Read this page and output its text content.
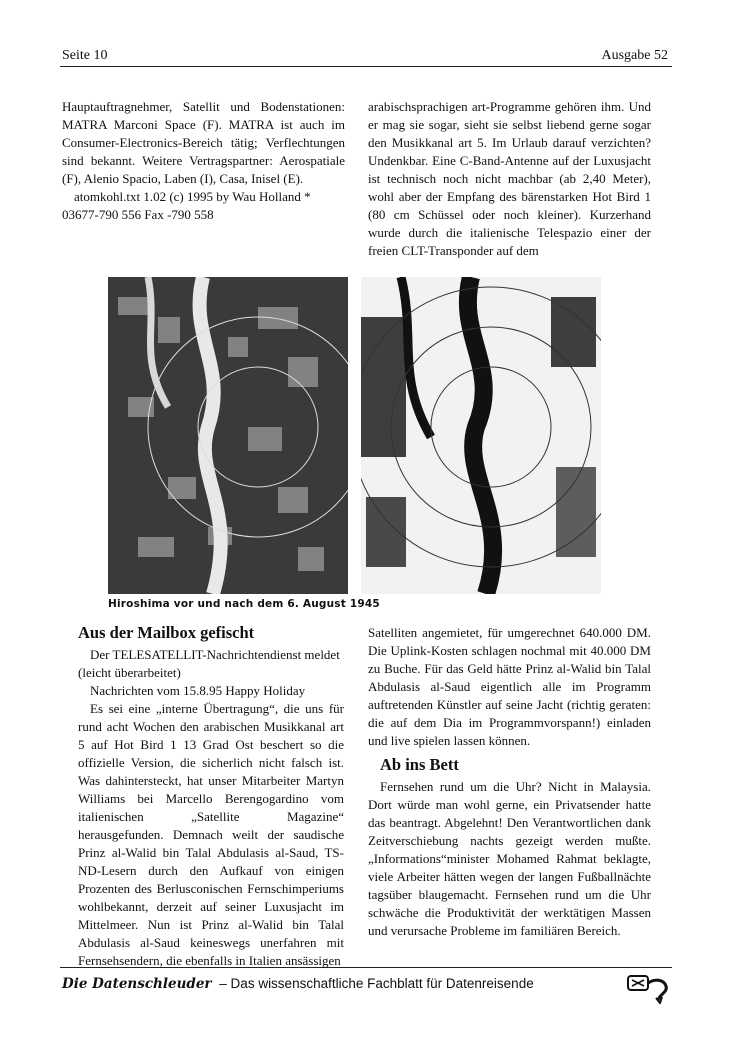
Seite 10	Ausgabe 52

Hauptauftragnehmer, Satellit und Bodenstationen: MATRA Marconi Space (F). MATRA ist auch im Consumer-Electronics-Bereich tätig; Verflechtungen sind bekannt. Weitere Vertragspartner: Aerospatiale (F), Alenio Spacio, Laben (I), Casa, Inisel (E).

atomkohl.txt 1.02 (c) 1995 by Wau Holland * 03677-790 556 Fax -790 558

arabischsprachigen art-Programme gehören ihm. Und er mag sie sogar, sieht sie selbst liebend gerne sogar den Musikkanal art 5. Im Urlaub darauf verzichten? Undenkbar. Eine C-Band-Antenne auf der Luxusjacht ist technisch noch nicht machbar (ab 2,40 Meter), wohl aber der Empfang des bärenstarken Hot Bird 1 (80 cm Schüssel oder noch kleiner). Kurzerhand wurde durch die italienische Telespazio einer der freien CLT-Transponder auf dem

Hiroshima vor und nach dem 6. August 1945
Aus der Mailbox gefischt

Der TELESATELLIT-Nachrichtendienst meldet (leicht überarbeitet)

Nachrichten vom 15.8.95 Happy Holiday

Es sei eine „interne Übertragung“, die uns für rund acht Wochen den arabischen Musikkanal art 5 auf Hot Bird 1 13 Grad Ost beschert so die offizielle Version, die sicherlich nicht falsch ist. Was dahintersteckt, hat unser Mitarbeiter Martyn Williams bei Marcello Berengogardino vom italienischen „Satellite Magazine“ herausgefunden. Demnach weilt der saudische Prinz al-Walid bin Talal Abdulasis al-Saud, TS-ND-Lesern durch den Aufkauf von einigen Prozenten des Berlusconischen Fernschimperiums wohlbekannt, derzeit auf seiner Luxusjacht im Mittelmeer. Nun ist Prinz al-Walid bin Talal Abdulasis al-Saud keineswegs unerfahren mit Fernsehsendern, die ebenfalls in Italien ansässigen

Satelliten angemietet, für umgerechnet 640.000 DM. Die Uplink-Kosten schlagen nochmal mit 40.000 DM zu Buche. Für das Geld hätte Prinz al-Walid bin Talal Abdulasis al-Saud eigentlich alle im Programm auftretenden Künstler auf seine Jacht (richtig geraten: die auf dem Dia im Programmvorspann!) einladen und live spielen lassen können.

Ab ins Bett

Fernsehen rund um die Uhr? Nicht in Malaysia. Dort würde man wohl gerne, ein Privatsender hatte das beantragt. Abgelehnt! Den Verantwortlichen dank Zeitverschiebung nachts gezeigt werden mußte. „Informations“minister Mohamed Rahmat beklagte, viele Arbeiter hätten wegen der langen Fußballnächte tagsüber blaugemacht. Fernsehen rund um die Uhr schwäche die Produktivität der werktätigen Massen und verursache Probleme im familiären Bereich.

Die Datenschleuder – Das wissenschaftliche Fachblatt für Datenreisende
